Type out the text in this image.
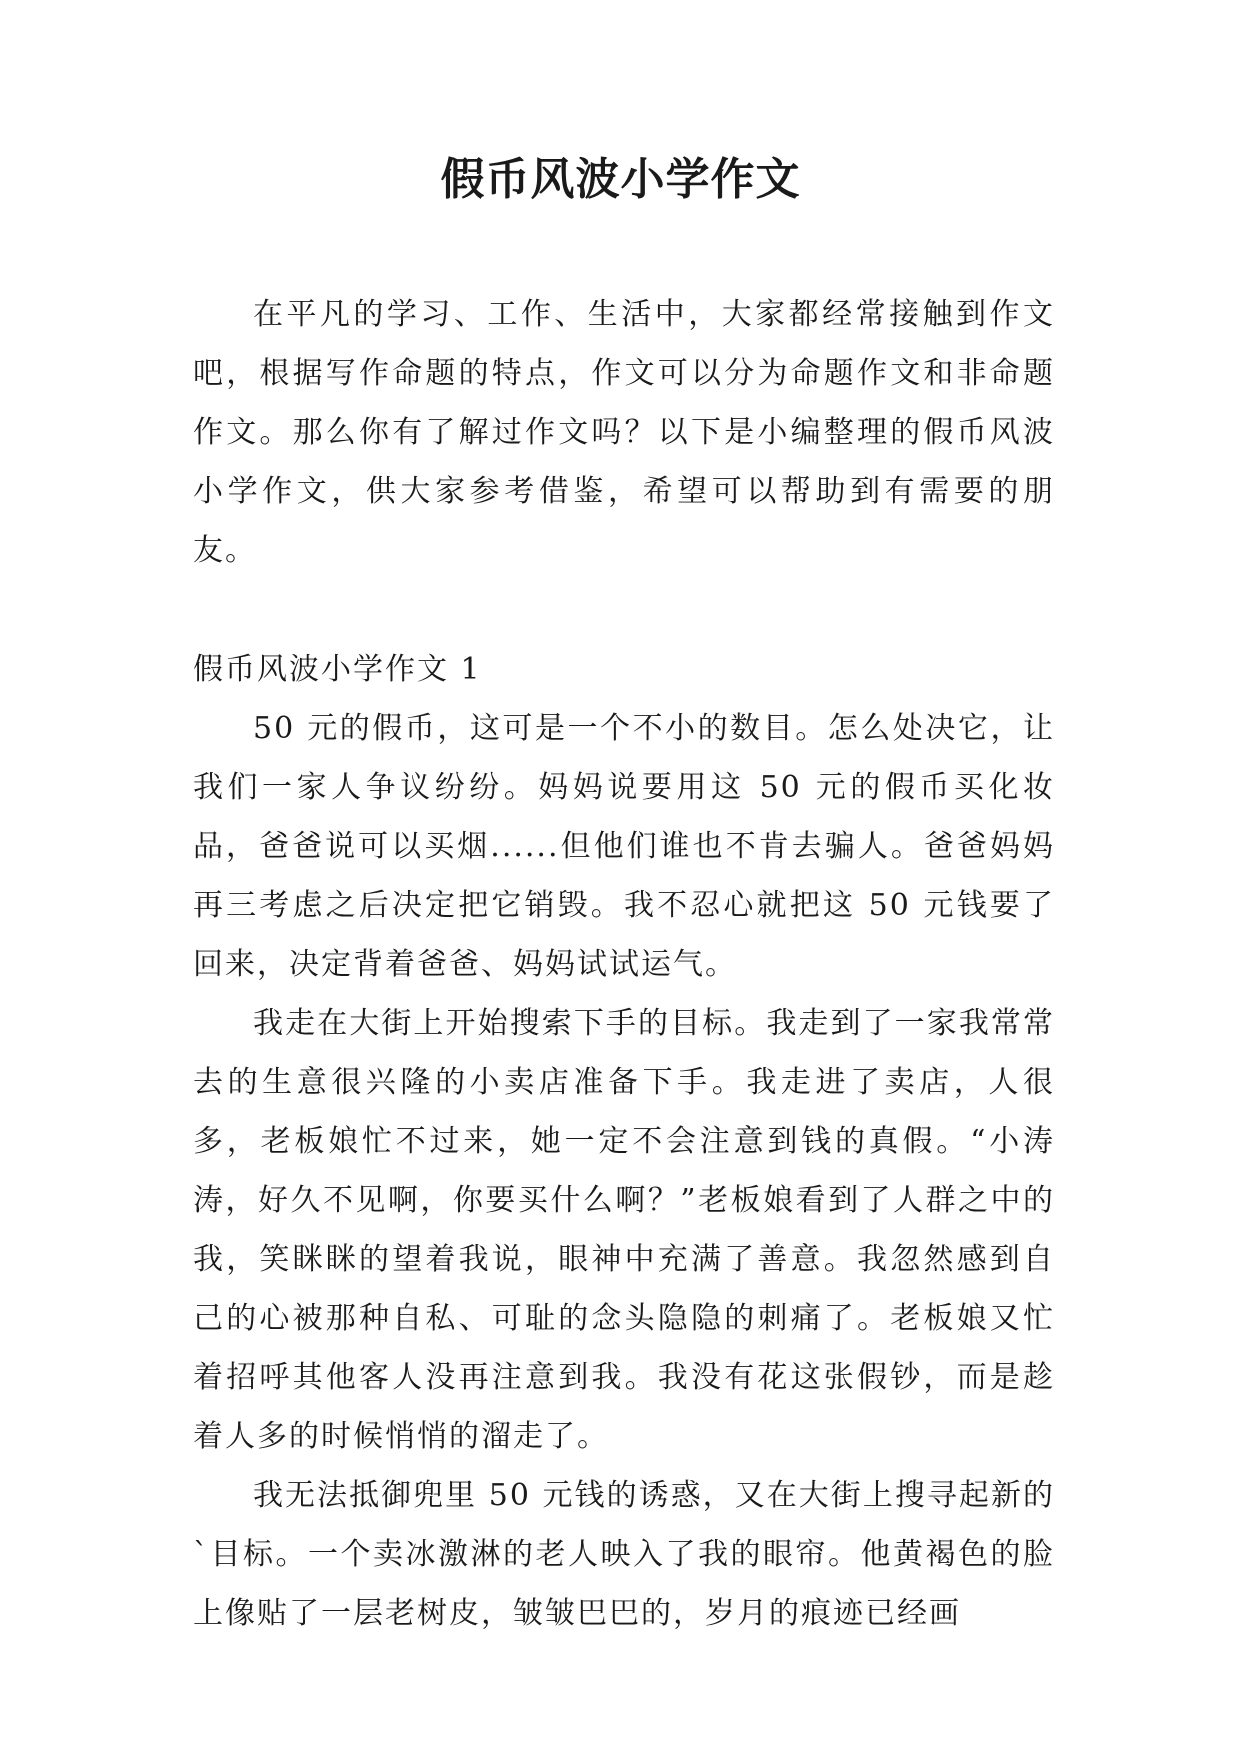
假币风波小学作文

在平凡的学习、工作、生活中，大家都经常接触到作文吧，根据写作命题的特点，作文可以分为命题作文和非命题作文。那么你有了解过作文吗？以下是小编整理的假币风波小学作文，供大家参考借鉴，希望可以帮助到有需要的朋友。

假币风波小学作文 1

50 元的假币，这可是一个不小的数目。怎么处决它，让我们一家人争议纷纷。妈妈说要用这 50 元的假币买化妆品，爸爸说可以买烟......但他们谁也不肯去骗人。爸爸妈妈再三考虑之后决定把它销毁。我不忍心就把这 50 元钱要了回来，决定背着爸爸、妈妈试试运气。

我走在大街上开始搜索下手的目标。我走到了一家我常常去的生意很兴隆的小卖店准备下手。我走进了卖店，人很多，老板娘忙不过来，她一定不会注意到钱的真假。“小涛涛，好久不见啊，你要买什么啊？”老板娘看到了人群之中的我，笑眯眯的望着我说，眼神中充满了善意。我忽然感到自己的心被那种自私、可耻的念头隐隐的刺痛了。老板娘又忙着招呼其他客人没再注意到我。我没有花这张假钞，而是趁着人多的时候悄悄的溜走了。

我无法抵御兜里 50 元钱的诱惑，又在大街上搜寻起新的`目标。一个卖冰激淋的老人映入了我的眼帘。他黄褐色的脸上像贴了一层老树皮，皱皱巴巴的，岁月的痕迹已经画
